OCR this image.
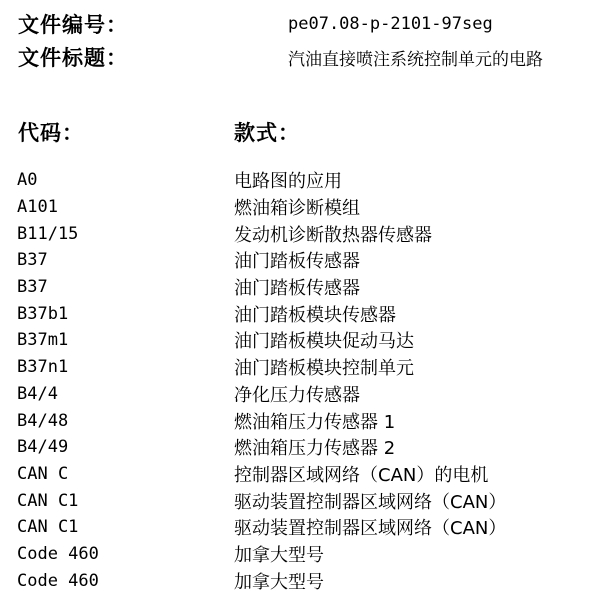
文件编号：	pe07.08-p-2101-97seg
文件标题：	汽油直接喷注系统控制单元的电路
代码：	款式：
A0	电路图的应用
A101	燃油箱诊断模组
B11/15	发动机诊断散热器传感器
B37	油门踏板传感器
B37	油门踏板传感器
B37b1	油门踏板模块传感器
B37m1	油门踏板模块促动马达
B37n1	油门踏板模块控制单元
B4/4	净化压力传感器
B4/48	燃油箱压力传感器 1
B4/49	燃油箱压力传感器 2
CAN C	控制器区域网络（CAN）的电机
CAN C1	驱动装置控制器区域网络（CAN）
CAN C1	驱动装置控制器区域网络（CAN）
Code 460	加拿大型号
Code 460	加拿大型号
